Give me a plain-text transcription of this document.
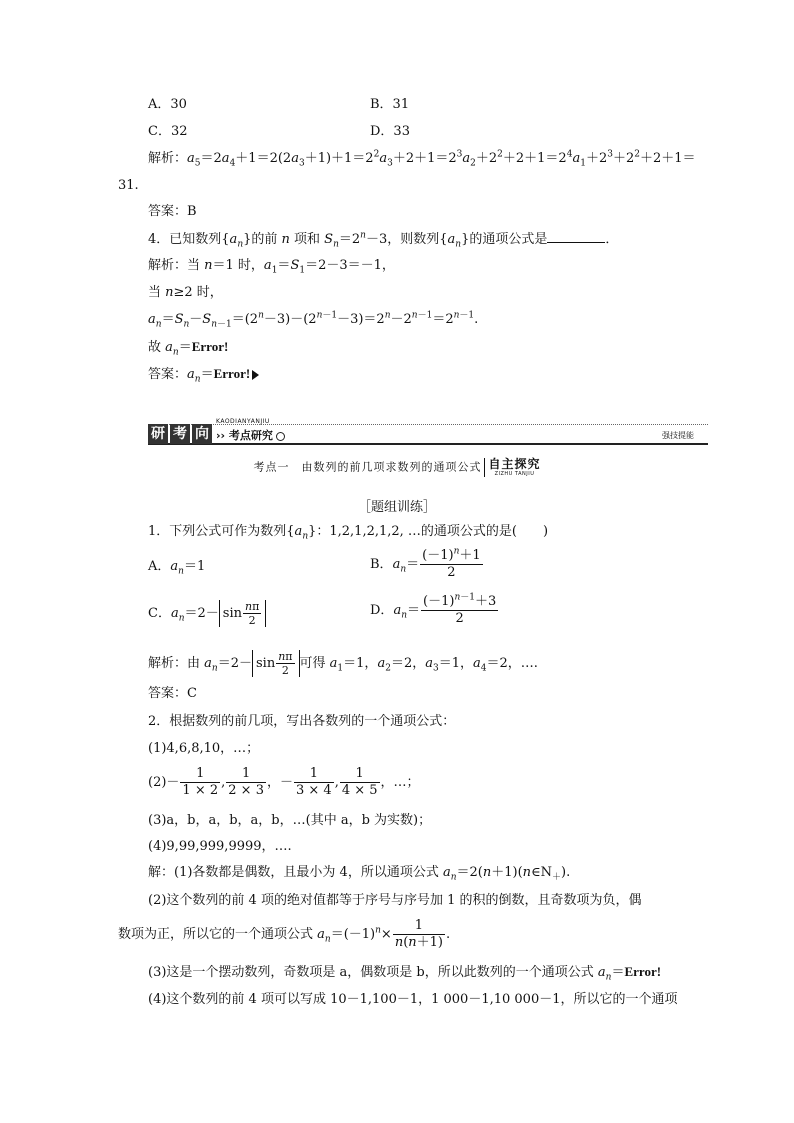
A．30	B．31
C．32	D．33
解析：$a_5=2a_4+1=2(2a_3+1)+1=2^2a_3+2+1=2^3a_2+2^2+2+1=2^4a_1+2^3+2^2+2+1=$
31.
答案：B
4．已知数列$\{a_n\}$的前 n 项和 $S_n=2^n-3$，则数列$\{a_n\}$的通项公式是	．
解析：当 n＝1 时，$a_1=S_1=2-3=-1$，
当 n≥2 时，
$a_n=S_n-S_{n-1}=(2^n-3)-(2^{n-1}-3)=2^n-2^{n-1}=2^{n-1}$.
故 $a_n=Error$!
答案：$a_n=Error$!
研 考 向
KAODIANYANJIU
›› 考点研究	强技提能
考点一　由数列的前几项求数列的通项公式 自主探究
ZIZHU TANJIU
［题组训练］
1．下列公式可作为数列$\{a_n\}$：1,2,1,2,1,2, …的通项公式的是(　　)
A．$a_n=1$	B．$a_n= \frac{(-1)^n+1}{2}$
C．$a_n=2- \sin \frac{n\pi}{2}$	D．$a_n= \frac{(-1)^{n-1}+3}{2}$
解析：由 $a_n=2- \sin \frac{n\pi}{2}$ 可得 $a_1=1$，$a_2=2$，$a_3=1$，$a_4=2$，….
答案：C
2．根据数列的前几项，写出各数列的一个通项公式：
(1)4,6,8,10，…；
$(2)- \frac{1}{1 \times 2}$ , $\frac{1}{2 \times 3}$ ，－ $\frac{1}{3 \times 4}$ , $\frac{1}{4 \times 5}$ ，…；
(3)a，b，a，b，a，b，…(其中 a，b 为实数)；
(4)9,99,999,9999，….
解：(1)各数都是偶数，且最小为 4，所以通项公式 $a_n=2(n+1)(n\in N_+)$.
(2)这个数列的前 4 项的绝对值都等于序号与序号加 1 的积的倒数，且奇数项为负，偶
数项为正，所以它的一个通项公式 $a_n=(-1)^n\times \frac{1}{n(n+1)}$ .
(3)这是一个摆动数列，奇数项是 a，偶数项是 b，所以此数列的一个通项公式 $a_n=Error$!
(4)这个数列的前 4 项可以写成 10－1,100－1，1 000－1,10 000－1，所以它的一个通项
